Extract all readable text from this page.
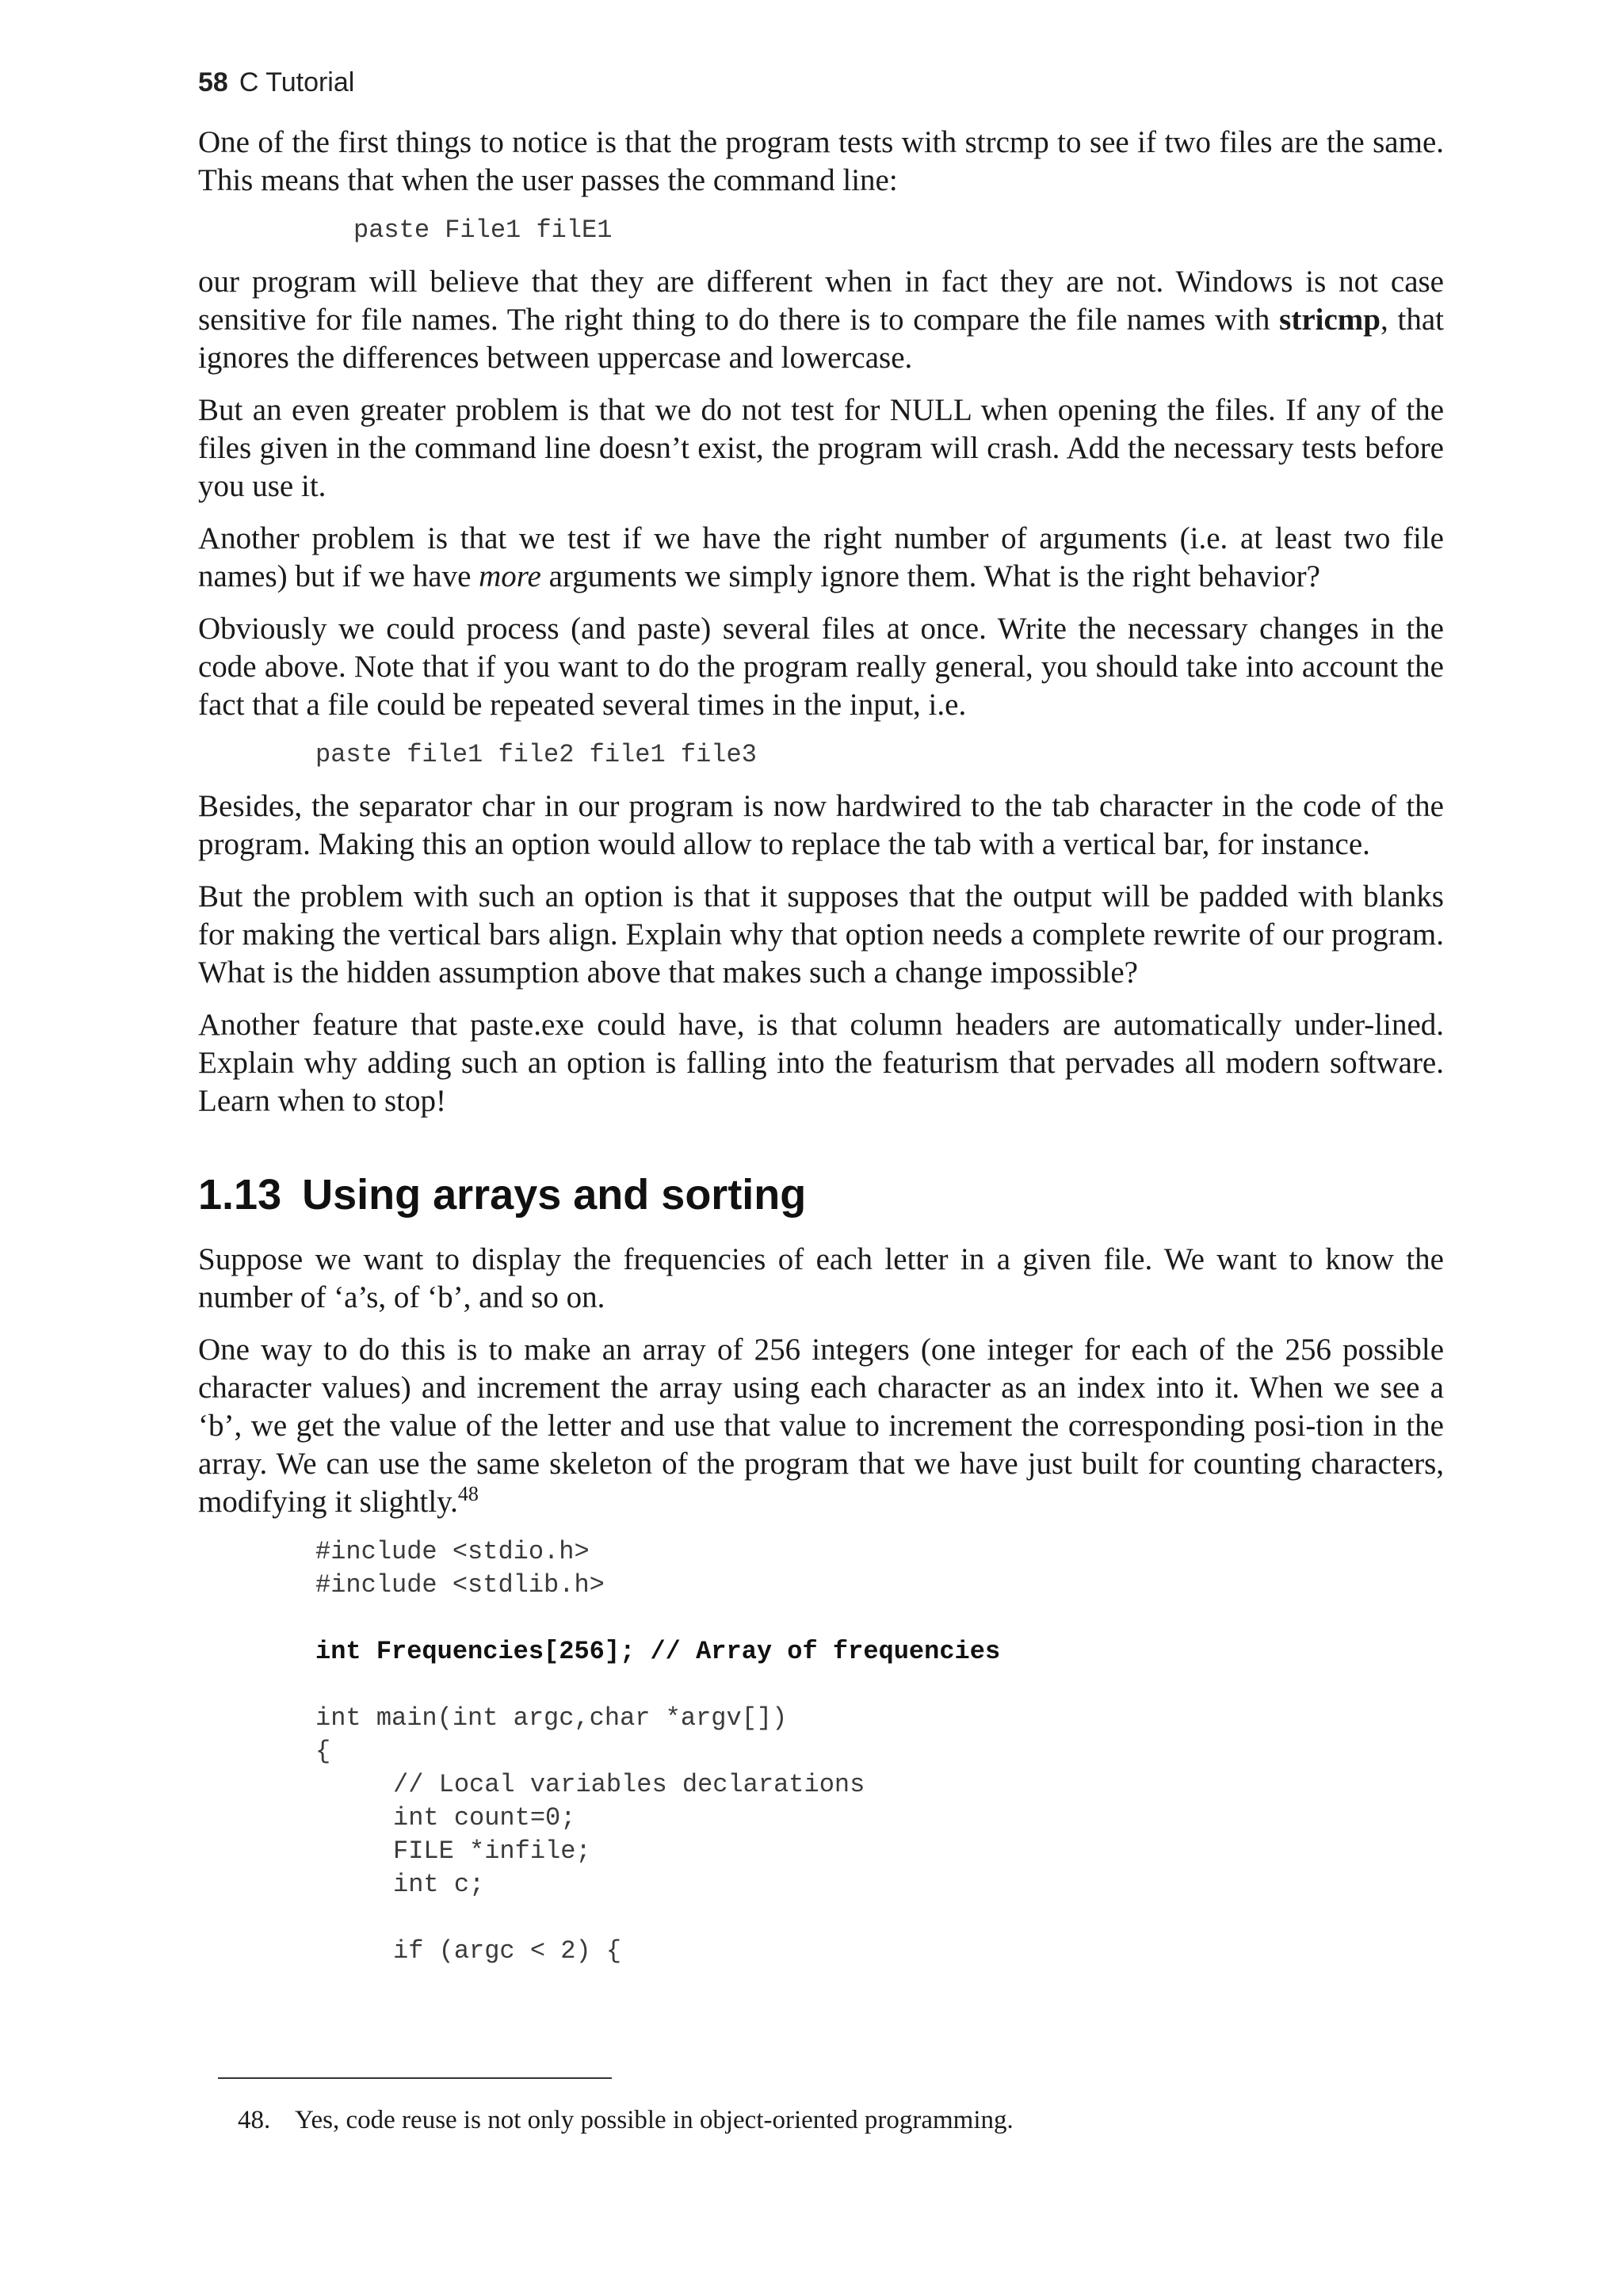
58 C Tutorial

One of the first things to notice is that the program tests with strcmp to see if two files are the same. This means that when the user passes the command line:

paste File1 filE1

our program will believe that they are different when in fact they are not. Windows is not case sensitive for file names. The right thing to do there is to compare the file names with stricmp, that ignores the differences between uppercase and lowercase.

But an even greater problem is that we do not test for NULL when opening the files. If any of the files given in the command line doesn’t exist, the program will crash. Add the necessary tests before you use it.

Another problem is that we test if we have the right number of arguments (i.e. at least two file names) but if we have more arguments we simply ignore them. What is the right behavior?

Obviously we could process (and paste) several files at once. Write the necessary changes in the code above. Note that if you want to do the program really general, you should take into account the fact that a file could be repeated several times in the input, i.e.

paste file1 file2 file1 file3

Besides, the separator char in our program is now hardwired to the tab character in the code of the program. Making this an option would allow to replace the tab with a vertical bar, for instance.

But the problem with such an option is that it supposes that the output will be padded with blanks for making the vertical bars align. Explain why that option needs a complete rewrite of our program. What is the hidden assumption above that makes such a change impossible?

Another feature that paste.exe could have, is that column headers are automatically under-lined. Explain why adding such an option is falling into the featurism that pervades all modern software. Learn when to stop!

1.13 Using arrays and sorting

Suppose we want to display the frequencies of each letter in a given file. We want to know the number of ‘a’s, of ‘b’, and so on.

One way to do this is to make an array of 256 integers (one integer for each of the 256 possible character values) and increment the array using each character as an index into it. When we see a ‘b’, we get the value of the letter and use that value to increment the corresponding posi-tion in the array. We can use the same skeleton of the program that we have just built for counting characters, modifying it slightly.$^{48}$

#include <stdio.h>
#include <stdlib.h>
int Frequencies[256]; // Array of frequencies
int main(int argc,char *argv[])
{
// Local variables declarations
int count=0;
FILE *infile;
int c;
if (argc < 2) {
48. Yes, code reuse is not only possible in object-oriented programming.
